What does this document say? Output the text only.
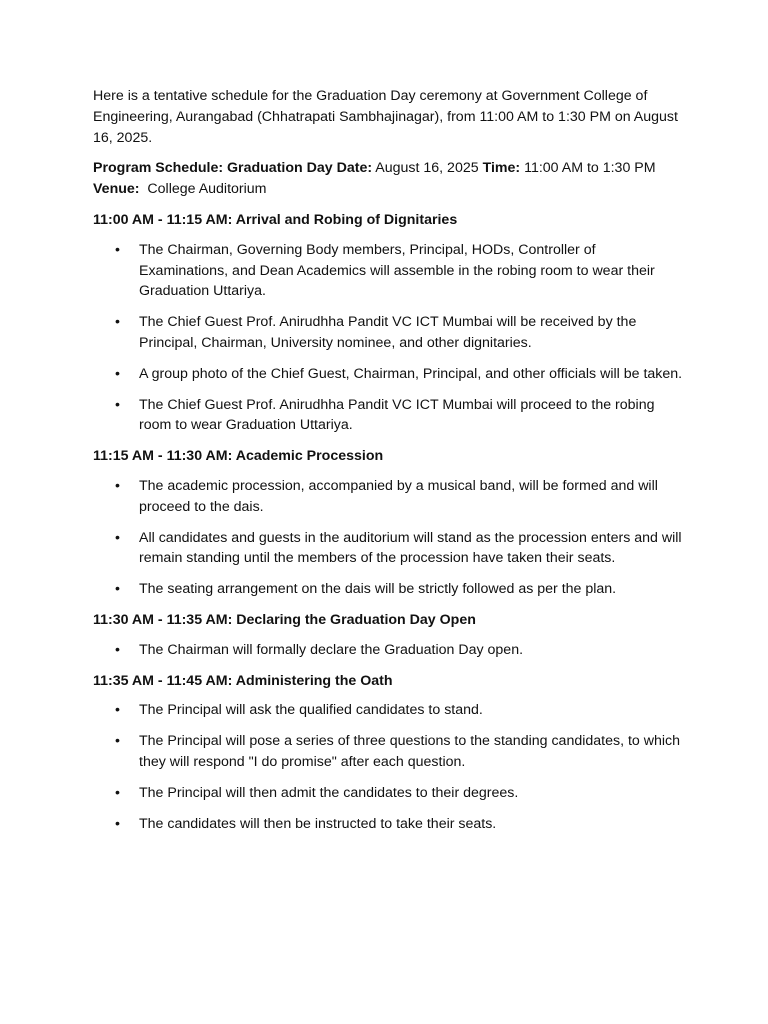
Here is a tentative schedule for the Graduation Day ceremony at Government College of Engineering, Aurangabad (Chhatrapati Sambhajinagar), from 11:00 AM to 1:30 PM on August 16, 2025.

Program Schedule: Graduation Day Date: August 16, 2025 Time: 11:00 AM to 1:30 PM
Venue: College Auditorium

11:00 AM - 11:15 AM: Arrival and Robing of Dignitaries

• The Chairman, Governing Body members, Principal, HODs, Controller of Examinations, and Dean Academics will assemble in the robing room to wear their Graduation Uttariya.
• The Chief Guest Prof. Anirudhha Pandit VC ICT Mumbai will be received by the Principal, Chairman, University nominee, and other dignitaries.
• A group photo of the Chief Guest, Chairman, Principal, and other officials will be taken.
• The Chief Guest Prof. Anirudhha Pandit VC ICT Mumbai will proceed to the robing room to wear Graduation Uttariya.

11:15 AM - 11:30 AM: Academic Procession

• The academic procession, accompanied by a musical band, will be formed and will proceed to the dais.
• All candidates and guests in the auditorium will stand as the procession enters and will remain standing until the members of the procession have taken their seats.
• The seating arrangement on the dais will be strictly followed as per the plan.

11:30 AM - 11:35 AM: Declaring the Graduation Day Open

• The Chairman will formally declare the Graduation Day open.

11:35 AM - 11:45 AM: Administering the Oath

• The Principal will ask the qualified candidates to stand.
• The Principal will pose a series of three questions to the standing candidates, to which they will respond "I do promise" after each question.
• The Principal will then admit the candidates to their degrees.
• The candidates will then be instructed to take their seats.
